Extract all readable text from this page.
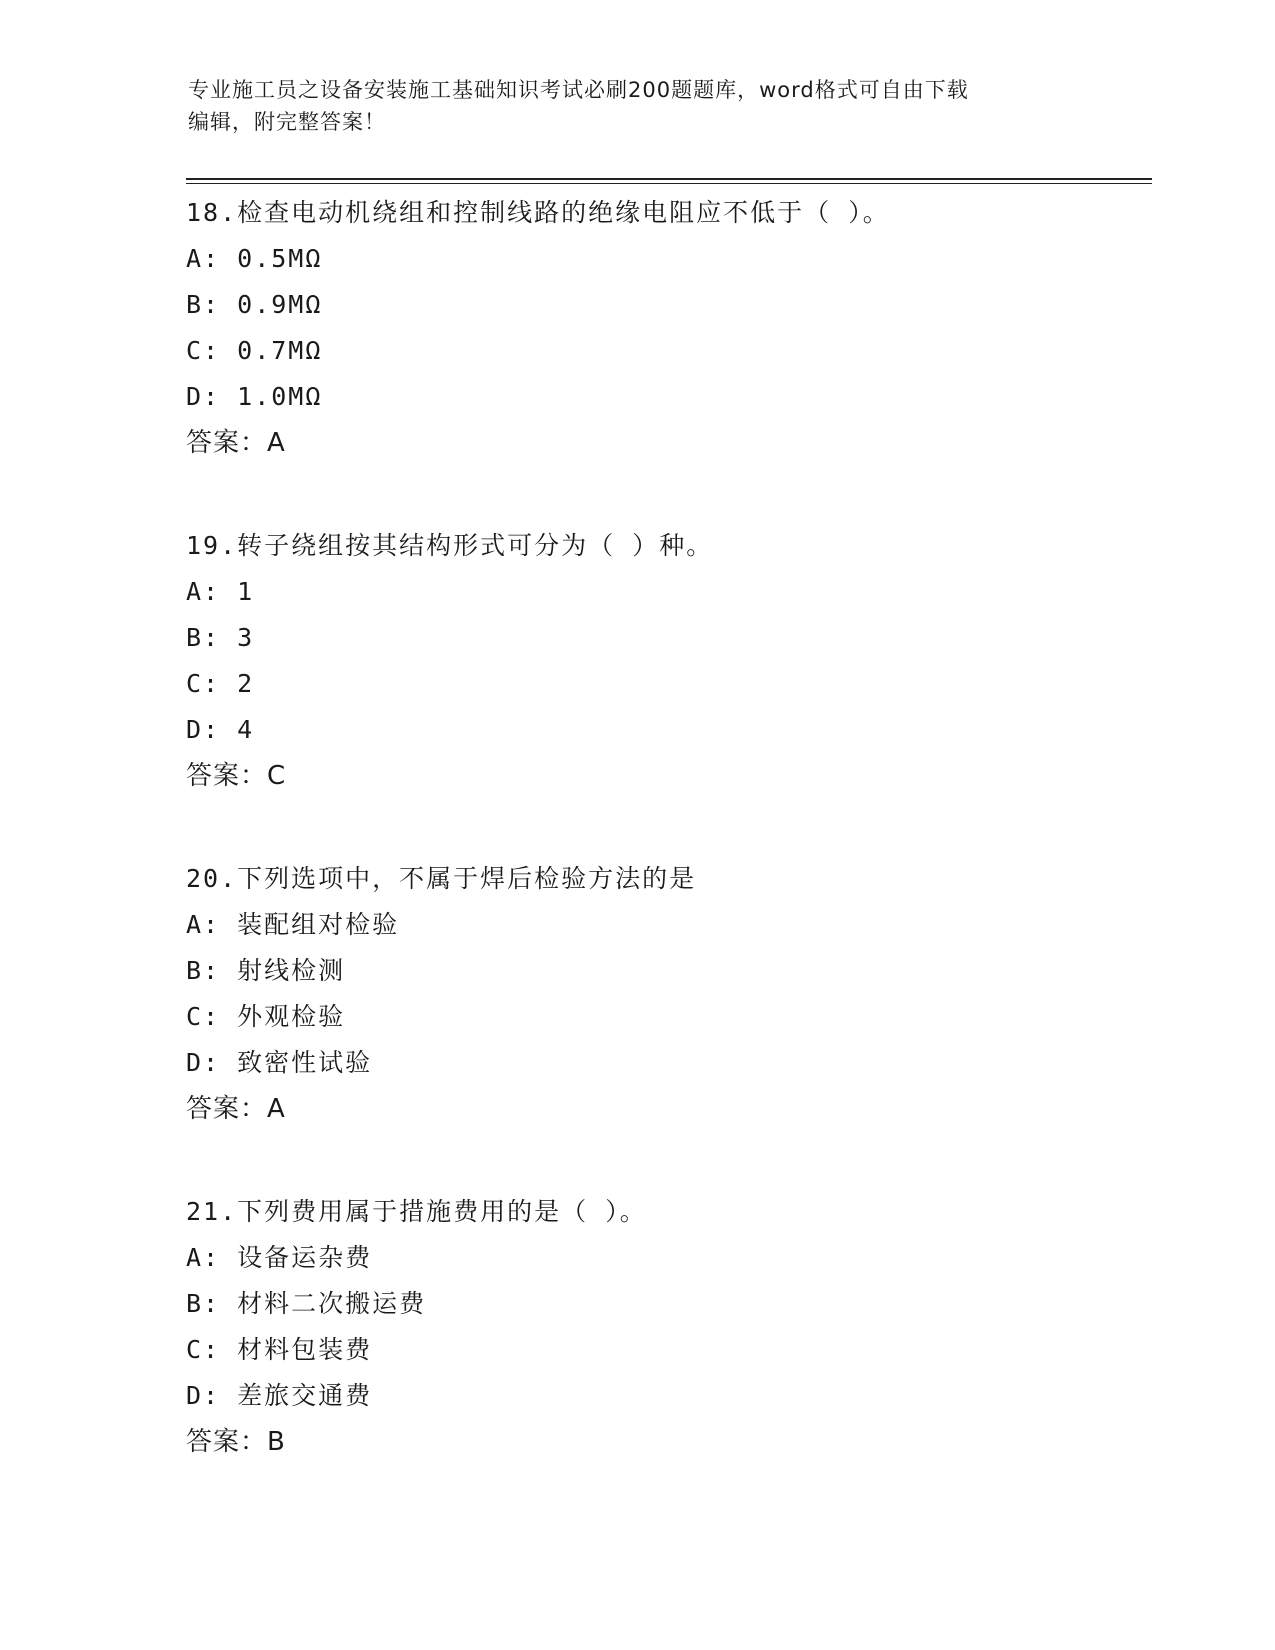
专业施工员之设备安装施工基础知识考试必刷200题题库，word格式可自由下载
编辑，附完整答案！
18.检查电动机绕组和控制线路的绝缘电阻应不低于（ ）。
A: 0.5MΩ
B: 0.9MΩ
C: 0.7MΩ
D: 1.0MΩ
答案：A
19.转子绕组按其结构形式可分为（ ）种。
A: 1
B: 3
C: 2
D: 4
答案：C
20.下列选项中，不属于焊后检验方法的是
A: 装配组对检验
B: 射线检测
C: 外观检验
D: 致密性试验
答案：A
21.下列费用属于措施费用的是（ ）。
A: 设备运杂费
B: 材料二次搬运费
C: 材料包装费
D: 差旅交通费
答案：B
